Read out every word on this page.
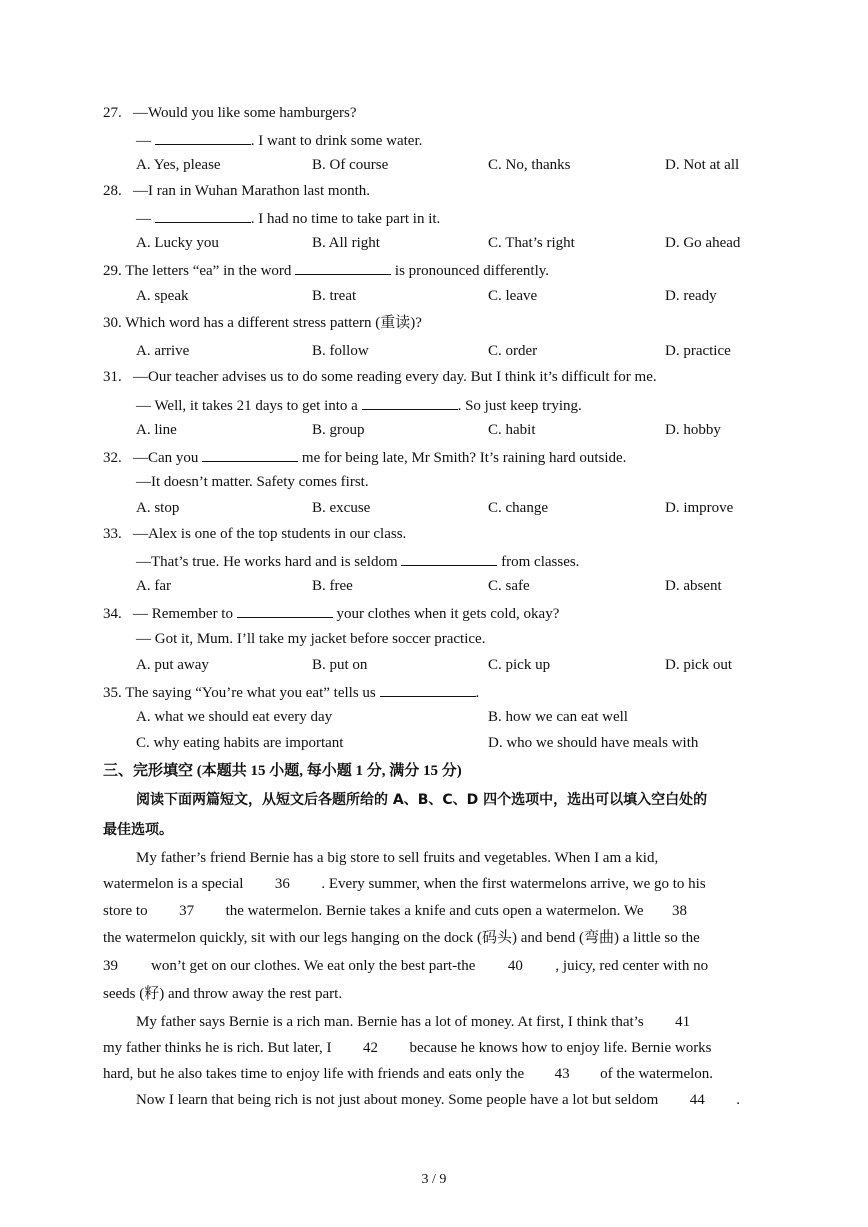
27. —Would you like some hamburgers?
—	. I want to drink some water.
A. Yes, please	B. Of course	C. No, thanks	D. Not at all
28. —I ran in Wuhan Marathon last month.
—	. I had no time to take part in it.
A. Lucky you	B. All right	C. That’s right	D. Go ahead
29. The letters “ea” in the word	is pronounced differently.
A. speak	B. treat	C. leave	D. ready
30. Which word has a different stress pattern (重读)?
A. arrive	B. follow	C. order	D. practice
31. —Our teacher advises us to do some reading every day. But I think it’s difficult for me.
— Well, it takes 21 days to get into a	. So just keep trying.
A. line	B. group	C. habit	D. hobby
32. —Can you	me for being late, Mr Smith? It’s raining hard outside.
—It doesn’t matter. Safety comes first.
A. stop	B. excuse	C. change	D. improve
33. —Alex is one of the top students in our class.
—That’s true. He works hard and is seldom	from classes.
A. far	B. free	C. safe	D. absent
34. — Remember to	your clothes when it gets cold, okay?
— Got it, Mum. I’ll take my jacket before soccer practice.
A. put away	B. put on	C. pick up	D. pick out
35. The saying “You’re what you eat” tells us	.
A. what we should eat every day	B. how we can eat well
C. why eating habits are important	D. who we should have meals with
三、完形填空 (本题共 15 小题, 每小题 1 分, 满分 15 分)
阅读下面两篇短文，从短文后各题所给的 A、B、C、D 四个选项中，选出可以填入空白处的
最佳选项。
My father’s friend Bernie has a big store to sell fruits and vegetables. When I am a kid,
watermelon is a special 36 . Every summer, when the first watermelons arrive, we go to his
store to 37 the watermelon. Bernie takes a knife and cuts open a watermelon. We 38
the watermelon quickly, sit with our legs hanging on the dock (码头) and bend (弯曲) a little so the
39 won’t get on our clothes. We eat only the best part-the 40 , juicy, red center with no
seeds (籽) and throw away the rest part.
My father says Bernie is a rich man. Bernie has a lot of money. At first, I think that’s 41
my father thinks he is rich. But later, I 42 because he knows how to enjoy life. Bernie works
hard, but he also takes time to enjoy life with friends and eats only the 43 of the watermelon.
Now I learn that being rich is not just about money. Some people have a lot but seldom 44 .
3 / 9
